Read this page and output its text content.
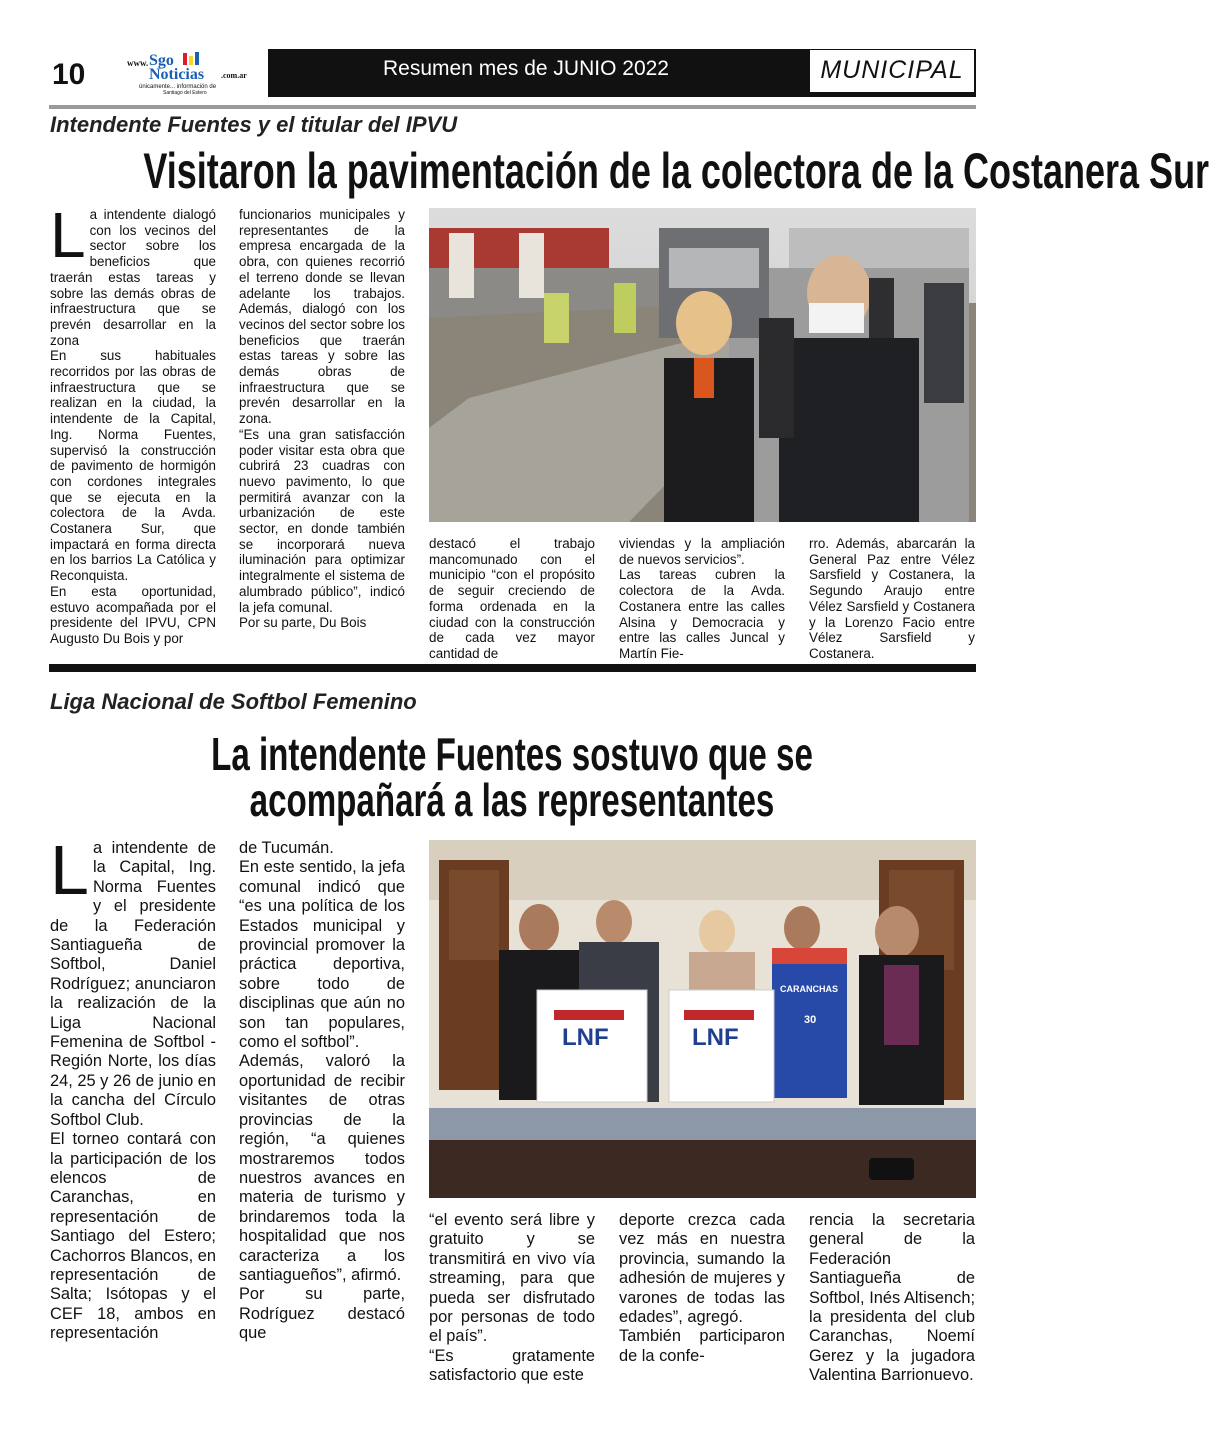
10	www. Sgo
Noticias .com.ar
únicamente... información de
Santiago del Estero
Resumen mes de JUNIO 2022	MUNICIPAL
Intendente Fuentes y el titular del IPVU
Visitaron la pavimentación de la colectora de la Costanera Sur
La intendente dialogó con los vecinos del sector sobre los beneficios que traerán estas tareas y sobre las demás obras de infraestructura que se prevén desarrollar en la zona
En sus habituales recorridos por las obras de infraestructura que se realizan en la ciudad, la intendente de la Capital, Ing. Norma Fuentes, supervisó la construcción de pavimento de hormigón con cordones integrales que se ejecuta en la colectora de la Avda. Costanera Sur, que impactará en forma directa en los barrios La Católica y Reconquista.
En esta oportunidad, estuvo acompañada por el presidente del IPVU, CPN Augusto Du Bois y por
funcionarios municipales y representantes de la empresa encargada de la obra, con quienes recorrió el terreno donde se llevan adelante los trabajos. Además, dialogó con los vecinos del sector sobre los beneficios que traerán estas tareas y sobre las demás obras de infraestructura que se prevén desarrollar en la zona.
“Es una gran satisfacción poder visitar esta obra que cubrirá 23 cuadras con nuevo pavimento, lo que permitirá avanzar con la urbanización de este sector, en donde también se incorporará nueva iluminación para optimizar integralmente el sistema de alumbrado público”, indicó la jefa comunal.
Por su parte, Du Bois
destacó el trabajo mancomunado con el municipio “con el propósito de seguir creciendo de forma ordenada en la ciudad con la construcción de cada vez mayor cantidad de
viviendas y la ampliación de nuevos servicios”.
Las tareas cubren la colectora de la Avda. Costanera entre las calles Alsina y Democracia y entre las calles Juncal y Martín Fie-
rro. Además, abarcarán la General Paz entre Vélez Sarsfield y Costanera, la Segundo Araujo entre Vélez Sarsfield y Costanera y la Lorenzo Facio entre Vélez Sarsfield y Costanera.
Liga Nacional de Softbol Femenino
La intendente Fuentes sostuvo que se
acompañará a las representantes
La intendente de la Capital, Ing. Norma Fuentes y el presidente de la Federación Santiagueña de Softbol, Daniel Rodríguez; anunciaron la realización de la Liga Nacional Femenina de Softbol - Región Norte, los días 24, 25 y 26 de junio en la cancha del Círculo Softbol Club.
El torneo contará con la participación de los elencos de Caranchas, en representación de Santiago del Estero; Cachorros Blancos, en representación de Salta; Isótopas y el CEF 18, ambos en representación
de Tucumán.
En este sentido, la jefa comunal indicó que “es una política de los Estados municipal y provincial promover la práctica deportiva, sobre todo de disciplinas que aún no son tan populares, como el softbol”.
Además, valoró la oportunidad de recibir visitantes de otras provincias de la región, “a quienes mostraremos todos nuestros avances en materia de turismo y brindaremos toda la hospitalidad que nos caracteriza a los santiagueños”, afirmó.
Por su parte, Rodríguez destacó que
CARANCHAS
30
LNF	LNF
“el evento será libre y gratuito y se transmitirá en vivo vía streaming, para que pueda ser disfrutado por personas de todo el país”.
“Es gratamente satisfactorio que este
deporte crezca cada vez más en nuestra provincia, sumando la adhesión de mujeres y varones de todas las edades”, agregó.
También participaron de la confe-
rencia la secretaria general de la Federación Santiagueña de Softbol, Inés Altisench; la presidenta del club Caranchas, Noemí Gerez y la jugadora Valentina Barrionuevo.
